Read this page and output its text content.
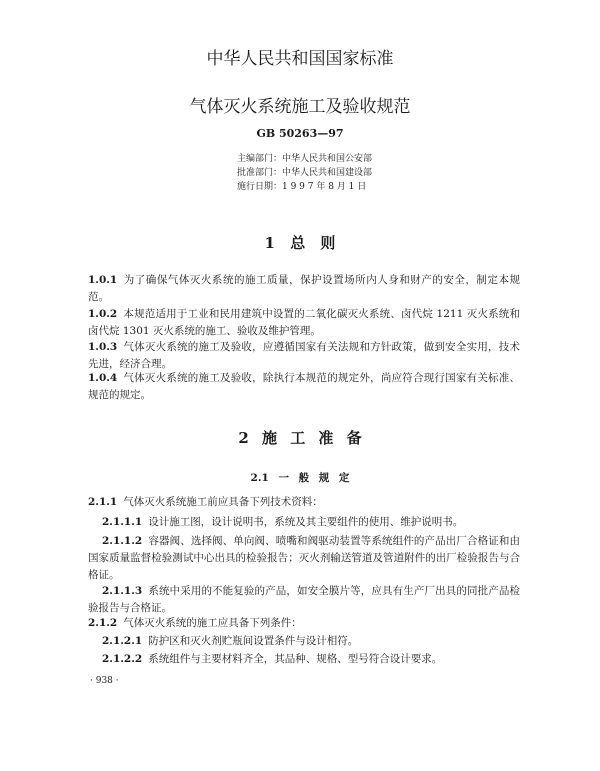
中华人民共和国国家标准
气体灭火系统施工及验收规范
GB 50263—97
主编部门：中华人民共和国公安部
批准部门：中华人民共和国建设部
施行日期：1 9 9 7 年 8 月 1 日
1 总 则

1.0.1 为了确保气体灭火系统的施工质量，保护设置场所内人身和财产的安全，制定本规范。

1.0.2 本规范适用于工业和民用建筑中设置的二氧化碳灭火系统、卤代烷 1211 灭火系统和卤代烷 1301 灭火系统的施工、验收及维护管理。

1.0.3 气体灭火系统的施工及验收，应遵循国家有关法规和方针政策，做到安全实用，技术先进，经济合理。

1.0.4 气体灭火系统的施工及验收，除执行本规范的规定外，尚应符合现行国家有关标准、规范的规定。

2 施 工 准 备
2.1 一 般 规 定

2.1.1 气体灭火系统施工前应具备下列技术资料：

2.1.1.1 设计施工图，设计说明书，系统及其主要组件的使用、维护说明书。

2.1.1.2 容器阀、选择阀、单向阀、喷嘴和阀驱动装置等系统组件的产品出厂合格证和由国家质量监督检验测试中心出具的检验报告；灭火剂输送管道及管道附件的出厂检验报告与合格证。

2.1.1.3 系统中采用的不能复验的产品，如安全膜片等，应具有生产厂出具的同批产品检验报告与合格证。

2.1.2 气体灭火系统的施工应具备下列条件：

2.1.2.1 防护区和灭火剂贮瓶间设置条件与设计相符。

2.1.2.2 系统组件与主要材料齐全，其品种、规格、型号符合设计要求。

· 938 ·
